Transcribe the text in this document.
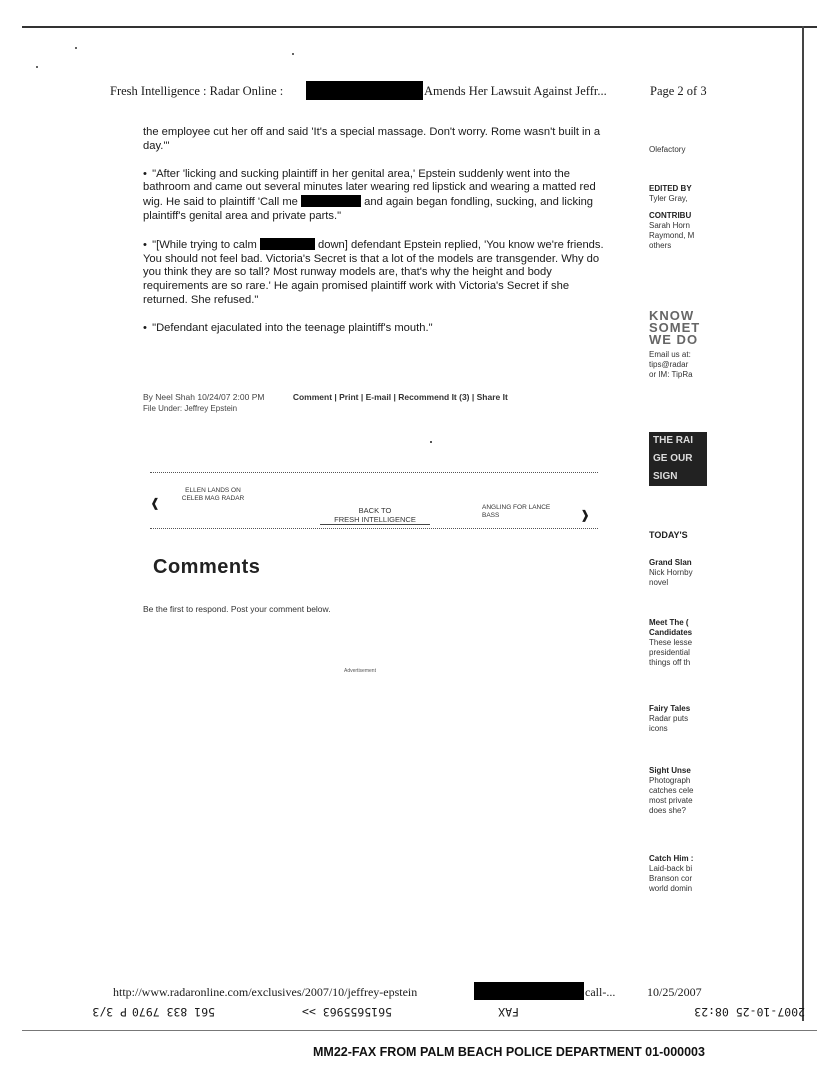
Fresh Intelligence : Radar Online :	Amends Her Lawsuit Against Jeffr...	Page 2 of 3

the employee cut her off and said 'It's a special massage. Don't worry. Rome wasn't built in a day.'"

• "After 'licking and sucking plaintiff in her genital area,' Epstein suddenly went into the bathroom and came out several minutes later wearing red lipstick and wearing a matted red wig. He said to plaintiff 'Call me	and again began fondling, sucking, and licking plaintiff's genital area and private parts."

• "[While trying to calm	down] defendant Epstein replied, 'You know we're friends. You should not feel bad. Victoria's Secret is that a lot of the models are transgender. Why do you think they are so tall? Most runway models are, that's why the height and body requirements are so rare.' He again promised plaintiff work with Victoria's Secret if she returned. She refused."

• "Defendant ejaculated into the teenage plaintiff's mouth."

By Neel Shah 10/24/07 2:00 PM	Comment | Print | E-mail | Recommend It (3) | Share It
File Under: Jeffrey Epstein
❰
ELLEN LANDS ON
CELEB MAG RADAR
BACK TO
FRESH INTELLIGENCE
ANGLING FOR LANCE
BASS	❱
Comments
Be the first to respond. Post your comment below.
Advertisement
Olefactory
EDITED BY
Tyler Gray,
CONTRIBU
Sarah Horn
Raymond, M
others
KNOW
SOMET
WE DO
Email us at:
tips@radar
or IM: TipRa
THE RAI
GE OUR
SIGN
TODAY'S
Grand Slan
Nick Hornby
novel
Meet The (
Candidates
These lesse
presidential
things off th
Fairy Tales
Radar puts
icons
Sight Unse
Photograph
catches cele
most private
does she?
Catch Him :
Laid-back bi
Branson cor
world domin
http://www.radaronline.com/exclusives/2007/10/jeffrey-epstein	call-...	10/25/2007
2007-10-25 08:23
FAX
5615655963 >>
561 833 7970
P 3/3
MM22-FAX FROM PALM BEACH POLICE DEPARTMENT 01-000003
